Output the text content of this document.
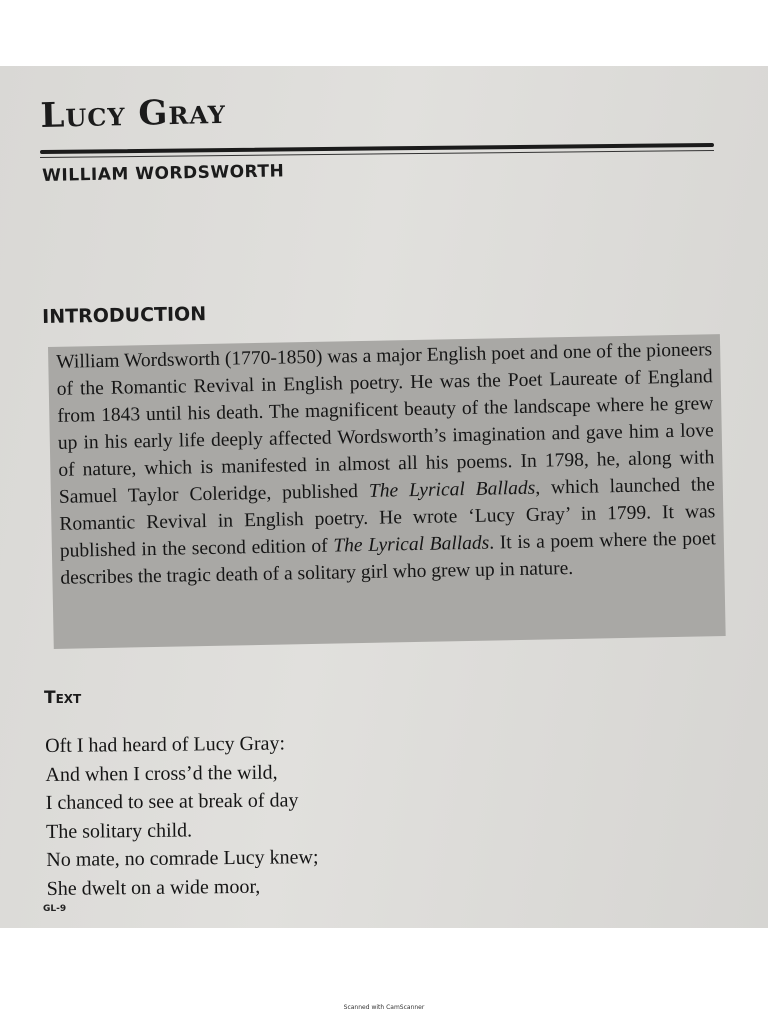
Lucy Gray
WILLIAM WORDSWORTH
INTRODUCTION

William Wordsworth (1770-1850) was a major English poet and one of the pioneers of the Romantic Revival in English poetry. He was the Poet Laureate of England from 1843 until his death. The magnificent beauty of the landscape where he grew up in his early life deeply affected Wordsworth’s imagination and gave him a love of nature, which is manifested in almost all his poems. In 1798, he, along with Samuel Taylor Coleridge, published The Lyrical Ballads, which launched the Romantic Revival in English poetry. He wrote ‘Lucy Gray’ in 1799. It was published in the second edition of The Lyrical Ballads. It is a poem where the poet describes the tragic death of a solitary girl who grew up in nature.

Text
Oft I had heard of Lucy Gray:
And when I cross’d the wild,
I chanced to see at break of day
The solitary child.
No mate, no comrade Lucy knew;
She dwelt on a wide moor,

GL-9

Scanned with CamScanner
